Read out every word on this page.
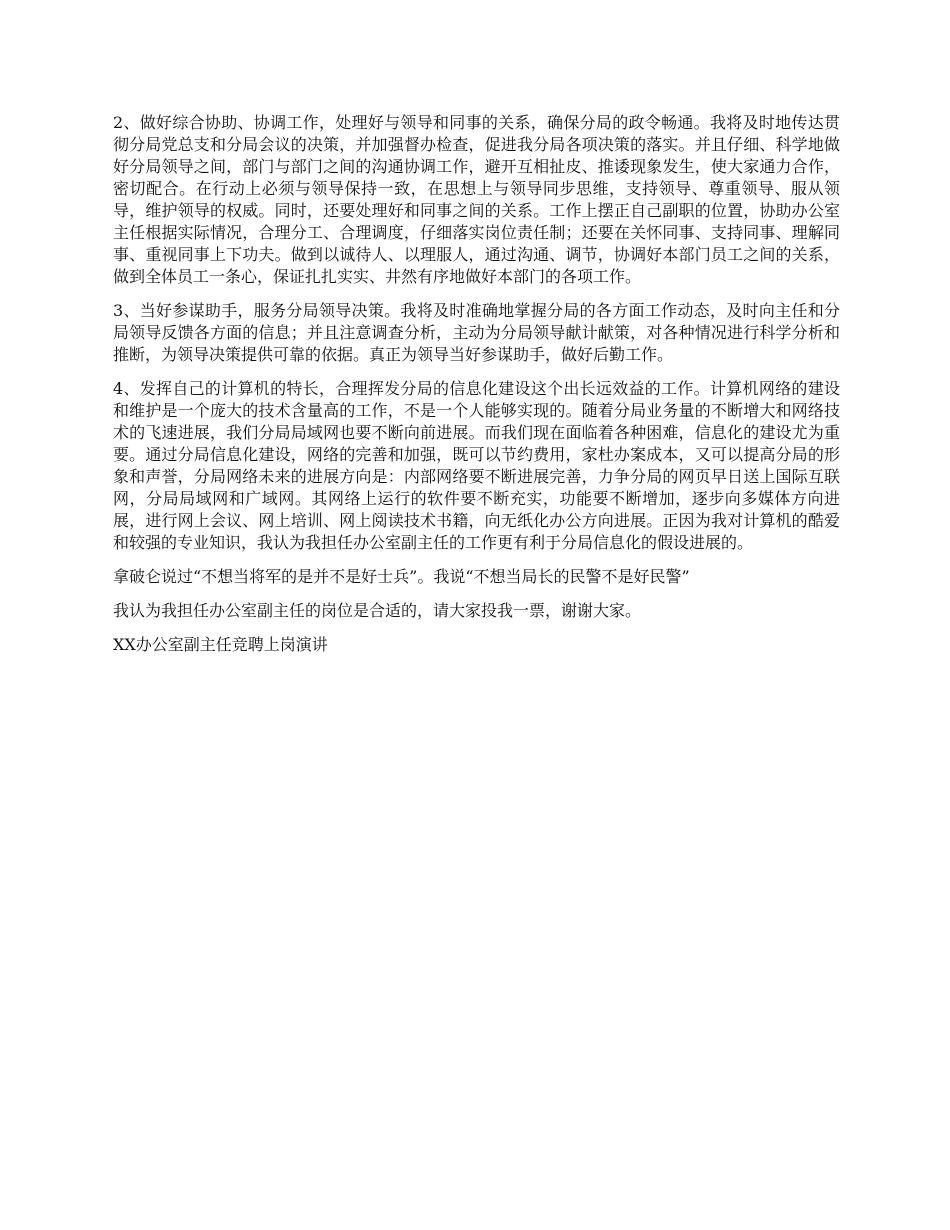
2、做好综合协助、协调工作，处理好与领导和同事的关系，确保分局的政令畅通。我将及时地传达贯彻分局党总支和分局会议的决策，并加强督办检查，促进我分局各项决策的落实。并且仔细、科学地做好分局领导之间，部门与部门之间的沟通协调工作，避开互相扯皮、推诿现象发生，使大家通力合作，密切配合。在行动上必须与领导保持一致，在思想上与领导同步思维，支持领导、尊重领导、服从领导，维护领导的权威。同时，还要处理好和同事之间的关系。工作上摆正自己副职的位置，协助办公室主任根据实际情况，合理分工、合理调度，仔细落实岗位责任制；还要在关怀同事、支持同事、理解同事、重视同事上下功夫。做到以诚待人、以理服人，通过沟通、调节，协调好本部门员工之间的关系，做到全体员工一条心，保证扎扎实实、井然有序地做好本部门的各项工作。

3、当好参谋助手，服务分局领导决策。我将及时准确地掌握分局的各方面工作动态，及时向主任和分局领导反馈各方面的信息；并且注意调查分析，主动为分局领导献计献策，对各种情况进行科学分析和推断，为领导决策提供可靠的依据。真正为领导当好参谋助手，做好后勤工作。

4、发挥自己的计算机的特长，合理挥发分局的信息化建设这个出长远效益的工作。计算机网络的建设和维护是一个庞大的技术含量高的工作，不是一个人能够实现的。随着分局业务量的不断增大和网络技术的飞速进展，我们分局局域网也要不断向前进展。而我们现在面临着各种困难，信息化的建设尤为重要。通过分局信息化建设，网络的完善和加强，既可以节约费用，家杜办案成本，又可以提高分局的形象和声誉，分局网络未来的进展方向是：内部网络要不断进展完善，力争分局的网页早日送上国际互联网，分局局域网和广域网。其网络上运行的软件要不断充实，功能要不断增加，逐步向多媒体方向进展，进行网上会议、网上培训、网上阅读技术书籍，向无纸化办公方向进展。正因为我对计算机的酷爱和较强的专业知识，我认为我担任办公室副主任的工作更有利于分局信息化的假设进展的。

拿破仑说过“不想当将军的是并不是好士兵”。我说“不想当局长的民警不是好民警”

我认为我担任办公室副主任的岗位是合适的，请大家投我一票，谢谢大家。

XX办公室副主任竞聘上岗演讲
